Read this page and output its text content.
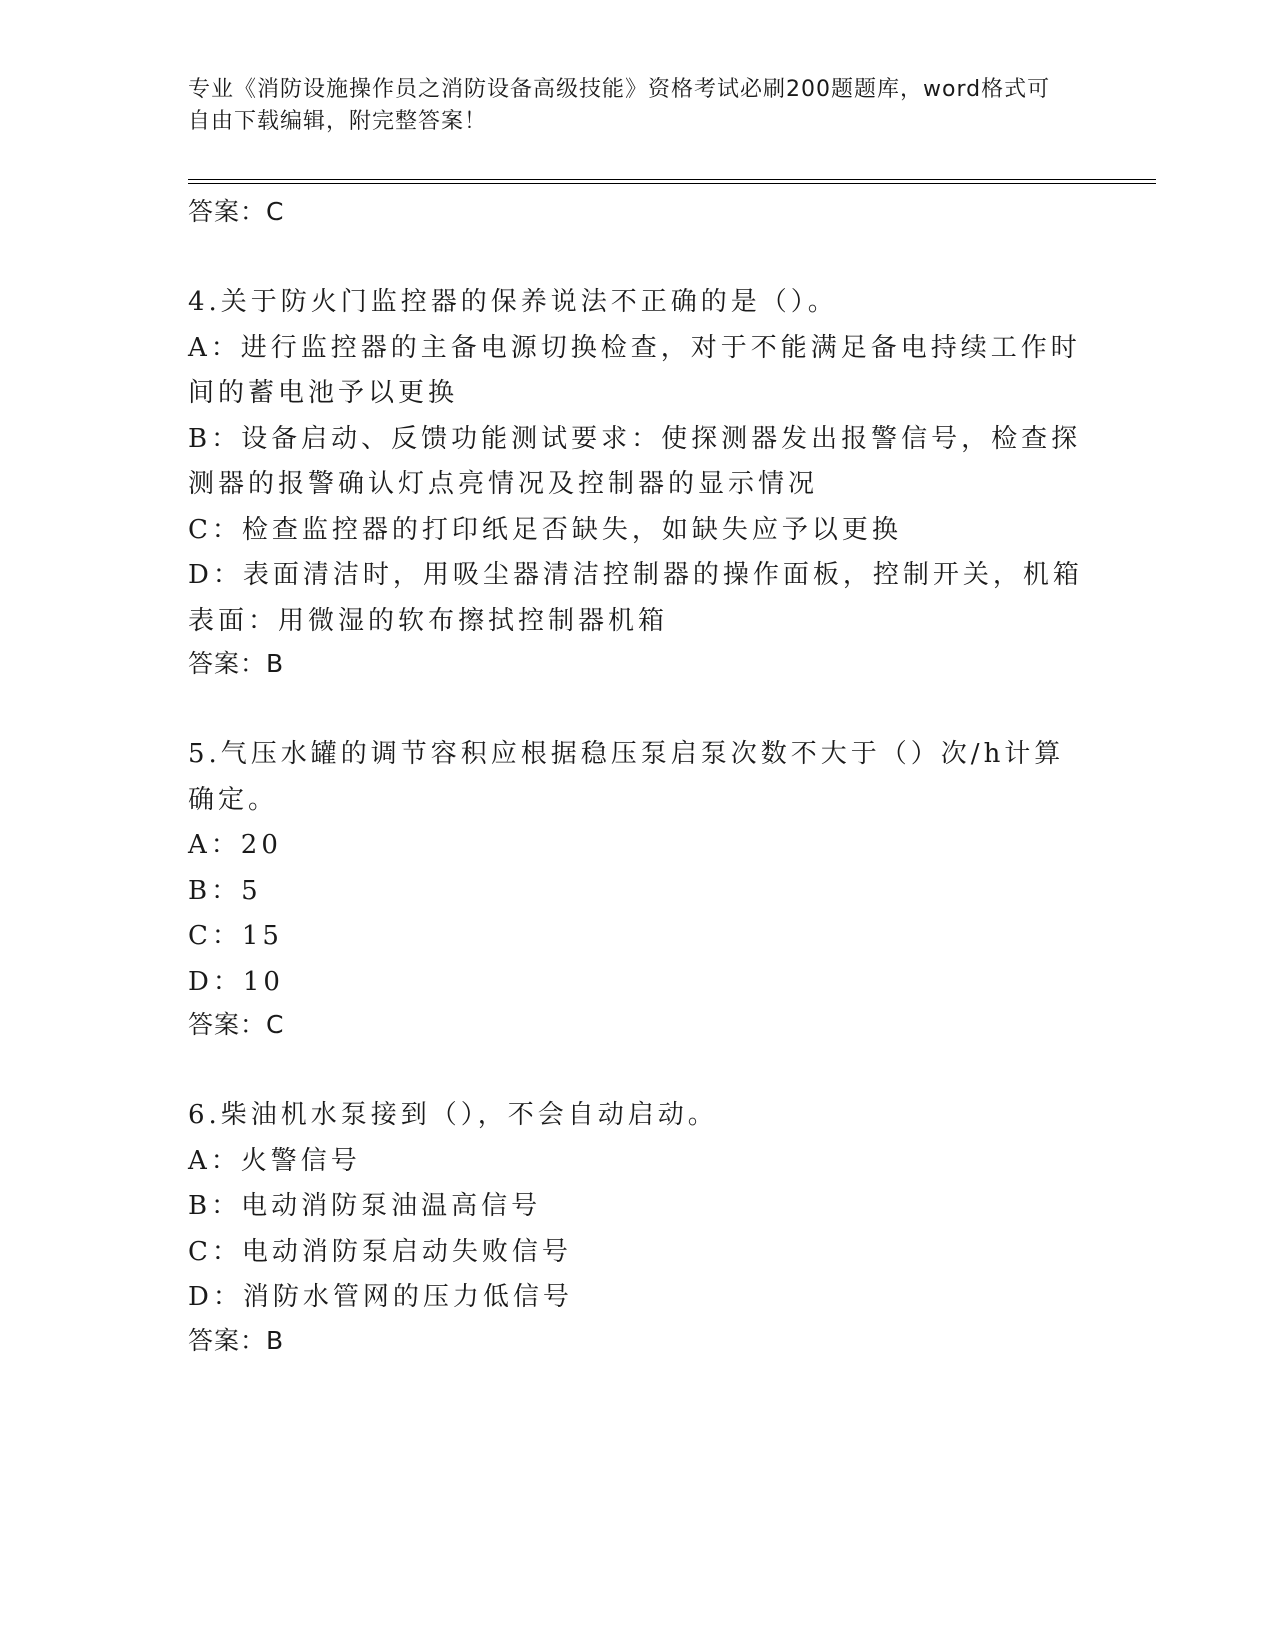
专业《消防设施操作员之消防设备高级技能》资格考试必刷200题题库，word格式可自由下载编辑，附完整答案！

答案：C

4.关于防火门监控器的保养说法不正确的是（）。

A：进行监控器的主备电源切换检查，对于不能满足备电持续工作时间的蓄电池予以更换

B：设备启动、反馈功能测试要求：使探测器发出报警信号，检查探测器的报警确认灯点亮情况及控制器的显示情况

C：检查监控器的打印纸足否缺失，如缺失应予以更换

D：表面清洁时，用吸尘器清洁控制器的操作面板，控制开关，机箱表面：用微湿的软布擦拭控制器机箱

答案：B

5.气压水罐的调节容积应根据稳压泵启泵次数不大于（）次/h计算确定。

A：20

B：5

C：15

D：10

答案：C

6.柴油机水泵接到（），不会自动启动。

A：火警信号

B：电动消防泵油温高信号

C：电动消防泵启动失败信号

D：消防水管网的压力低信号

答案：B
